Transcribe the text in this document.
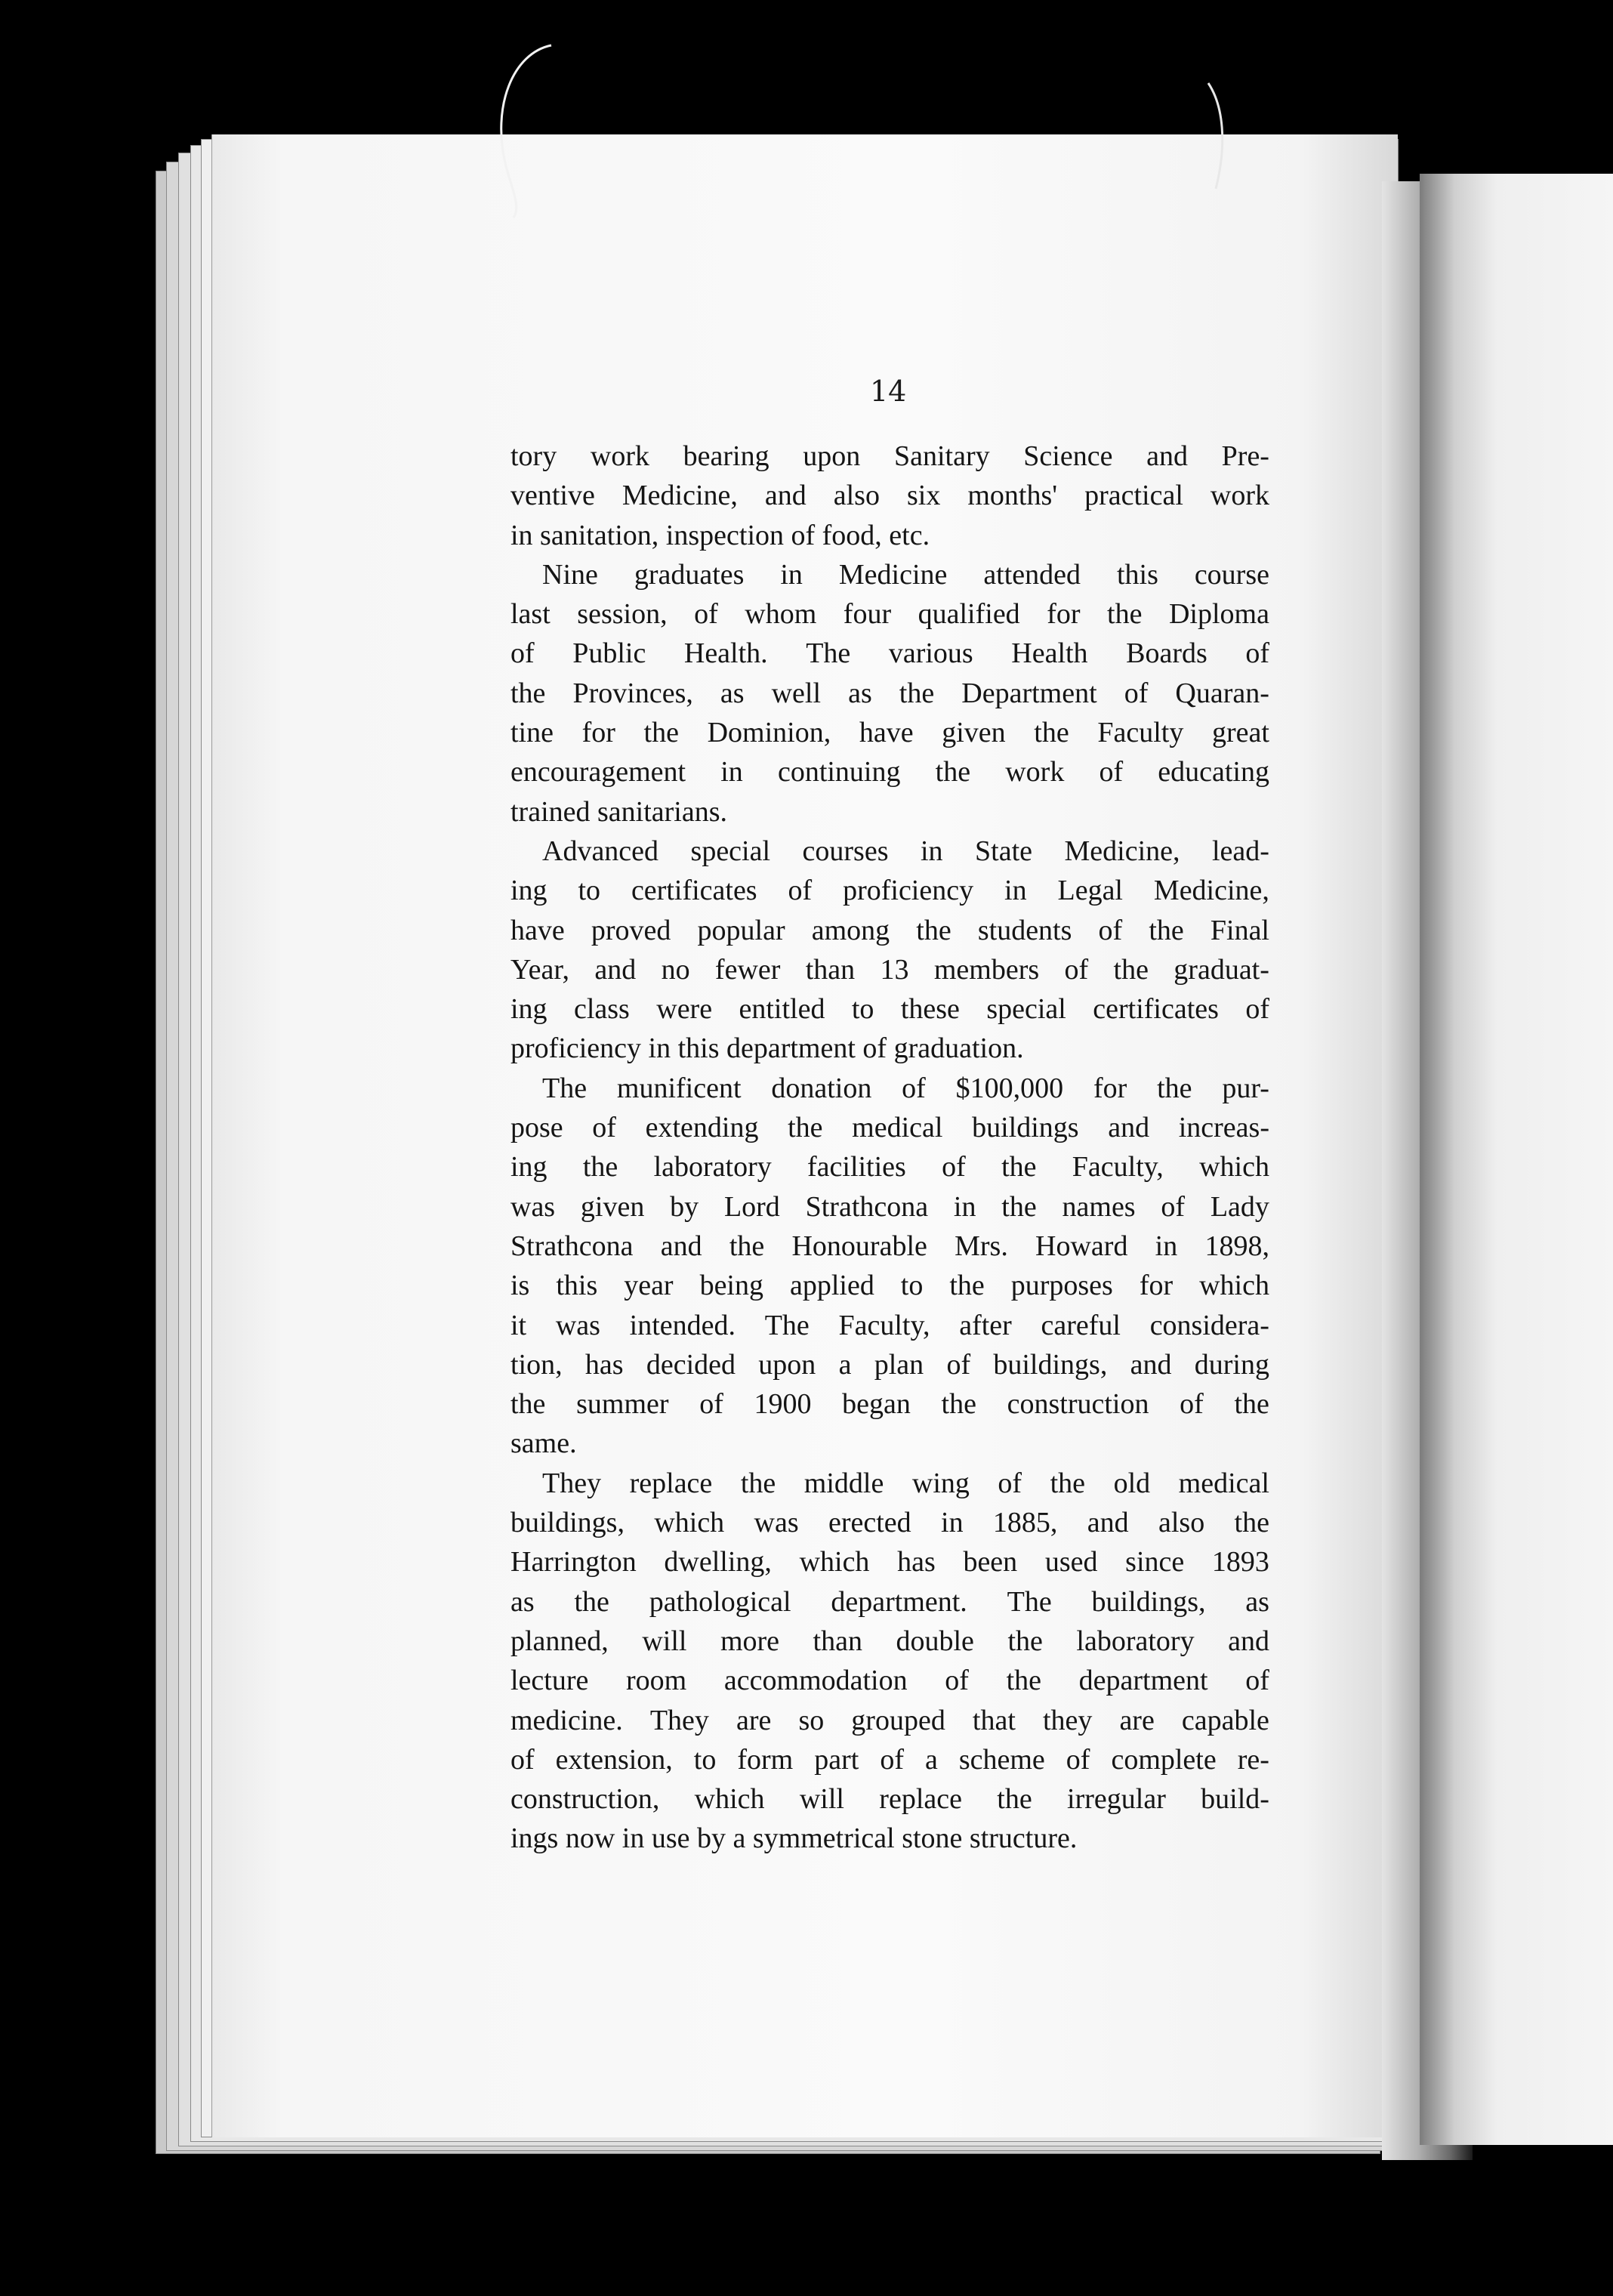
14
tory work bearing upon Sanitary Science and Pre-
ventive Medicine, and also six months' practical work
in sanitation, inspection of food, etc.
Nine graduates in Medicine attended this course
last session, of whom four qualified for the Diploma
of Public Health. The various Health Boards of
the Provinces, as well as the Department of Quaran-
tine for the Dominion, have given the Faculty great
encouragement in continuing the work of educating
trained sanitarians.
Advanced special courses in State Medicine, lead-
ing to certificates of proficiency in Legal Medicine,
have proved popular among the students of the Final
Year, and no fewer than 13 members of the graduat-
ing class were entitled to these special certificates of
proficiency in this department of graduation.
The munificent donation of $100,000 for the pur-
pose of extending the medical buildings and increas-
ing the laboratory facilities of the Faculty, which
was given by Lord Strathcona in the names of Lady
Strathcona and the Honourable Mrs. Howard in 1898,
is this year being applied to the purposes for which
it was intended. The Faculty, after careful considera-
tion, has decided upon a plan of buildings, and during
the summer of 1900 began the construction of the
same.
They replace the middle wing of the old medical
buildings, which was erected in 1885, and also the
Harrington dwelling, which has been used since 1893
as the pathological department. The buildings, as
planned, will more than double the laboratory and
lecture room accommodation of the department of
medicine. They are so grouped that they are capable
of extension, to form part of a scheme of complete re-
construction, which will replace the irregular build-
ings now in use by a symmetrical stone structure.
